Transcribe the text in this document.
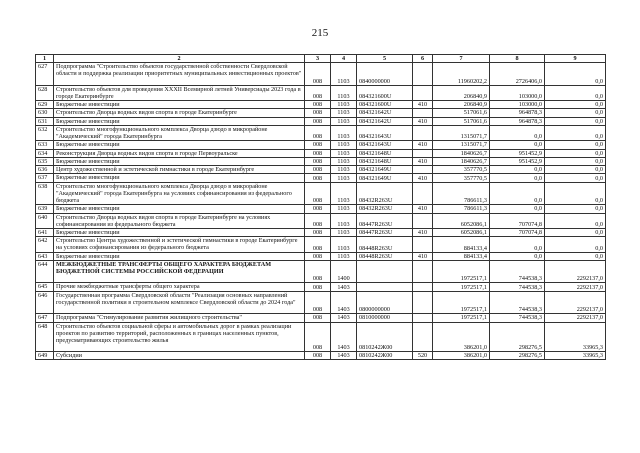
215
1	2	3	4	5	6	7	8	9
627	Подпрограмма "Строительство объектов государственной собственности Свердловской области и поддержка реализации приоритетных муниципальных инвестиционных проектов"	008	1103	0840000000		11960202,2	2726406,0	0,0
628	Строительство объектов для проведения XXXII Всемирной летней Универсиады 2023 года в городе Екатеринбурге	008	1103	084321600U		206840,9	103000,0	0,0
629	Бюджетные инвестиции	008	1103	084321600U	410	206840,9	103000,0	0,0
630	Строительство Дворца водных видов спорта в городе Екатеринбурге	008	1103	084321642U		517061,6	964878,3	0,0
631	Бюджетные инвестиции	008	1103	084321642U	410	517061,6	964878,3	0,0
632	Строительство многофункционального комплекса Дворца дзюдо в микрорайоне "Академический" города Екатеринбурга	008	1103	084321643U		1315071,7	0,0	0,0
633	Бюджетные инвестиции	008	1103	084321643U	410	1315071,7	0,0	0,0
634	Реконструкция Дворца водных видов спорта в городе Первоуральске	008	1103	084321648U		1840626,7	951452,9	0,0
635	Бюджетные инвестиции	008	1103	084321648U	410	1840626,7	951452,9	0,0
636	Центр художественной и эстетической гимнастики в городе Екатеринбурге	008	1103	084321649U		357770,5	0,0	0,0
637	Бюджетные инвестиции	008	1103	084321649U	410	357770,5	0,0	0,0
638	Строительство многофункционального комплекса Дворца дзюдо в микрорайоне "Академический" города Екатеринбурга на условиях софинансирования из федерального бюджета	008	1103	08432R263U		786611,3	0,0	0,0
639	Бюджетные инвестиции	008	1103	08432R263U	410	786611,3	0,0	0,0
640	Строительство Дворца водных видов спорта в городе Екатеринбурге на условиях софинансирования из федерального бюджета	008	1103	08447R263U		6052086,1	707074,8	0,0
641	Бюджетные инвестиции	008	1103	08447R263U	410	6052086,1	707074,8	0,0
642	Строительство Центра художественной и эстетической гимнастики в городе Екатеринбурге на условиях софинансирования из федерального бюджета	008	1103	08448R263U		884133,4	0,0	0,0
643	Бюджетные инвестиции	008	1103	08448R263U	410	884133,4	0,0	0,0
644	МЕЖБЮДЖЕТНЫЕ ТРАНСФЕРТЫ ОБЩЕГО ХАРАКТЕРА БЮДЖЕТАМ БЮДЖЕТНОЙ СИСТЕМЫ РОССИЙСКОЙ ФЕДЕРАЦИИ	008	1400			1972517,1	744538,3	2292137,0
645	Прочие межбюджетные трансферты общего характера	008	1403			1972517,1	744538,3	2292137,0
646	Государственная программа Свердловской области "Реализация основных направлений государственной политики в строительном комплексе Свердловской области до 2024 года"	008	1403	0800000000		1972517,1	744538,3	2292137,0
647	Подпрограмма "Стимулирование развития жилищного строительства"	008	1403	0810000000		1972517,1	744538,3	2292137,0
648	Строительство объектов социальной сферы и автомобильных дорог в рамках реализации проектов по развитию территорий, расположенных в границах населенных пунктов, предусматривающих строительство жилья	008	1403	0810242Ж00		386201,0	298276,5	33965,3
649	Субсидии	008	1403	0810242Ж00	520	386201,0	298276,5	33965,3
